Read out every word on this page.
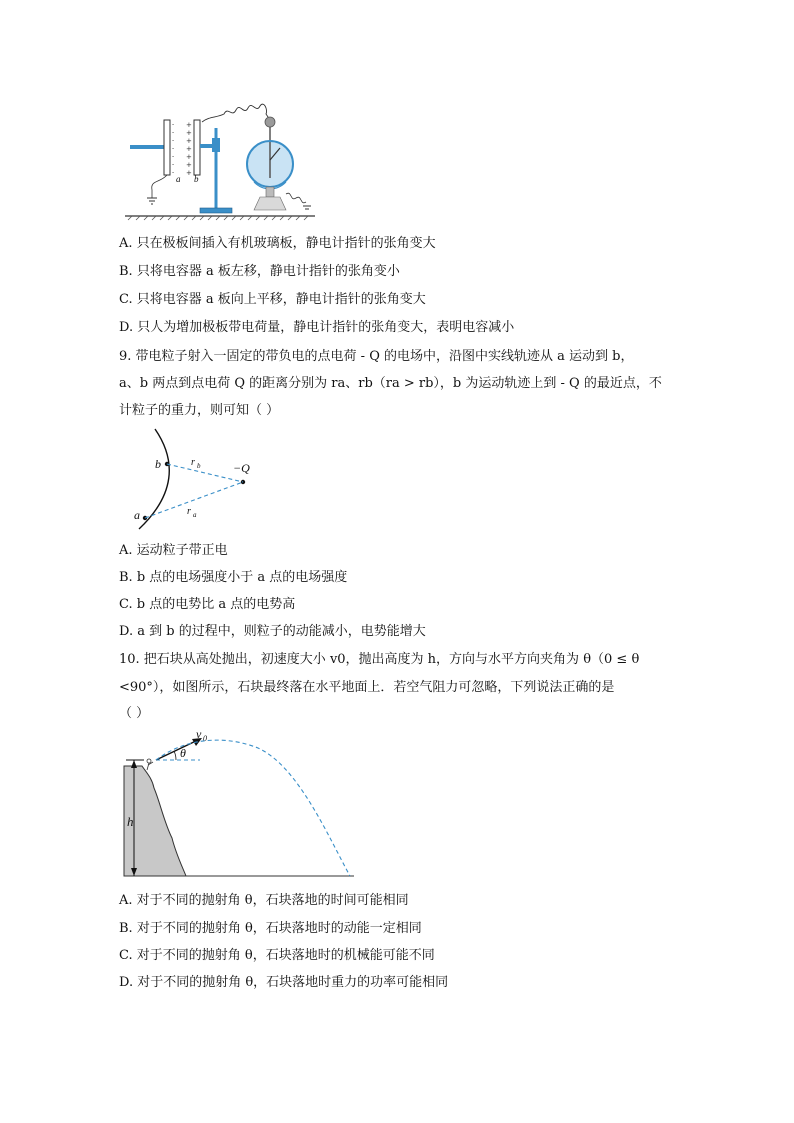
-
-
-
-
-
-
-
a
+
+
+
+
+
+
+
b
A. 只在极板间插入有机玻璃板，静电计指针的张角变大
B. 只将电容器 a 板左移，静电计指针的张角变小
C. 只将电容器 a 板向上平移，静电计指针的张角变大
D. 只人为增加极板带电荷量，静电计指针的张角变大，表明电容减小
9. 带电粒子射入一固定的带负电的点电荷 - Q 的电场中，沿图中实线轨迹从 a 运动到 b，
a、b 两点到点电荷 Q 的距离分别为 ra、rb（ra > rb），b 为运动轨迹上到 - Q 的最近点，不
计粒子的重力，则可知（ ）
b
a
r b
r a
−Q
A. 运动粒子带正电
B. b 点的电场强度小于 a 点的电场强度
C. b 点的电势比 a 点的电势高
D. a 到 b 的过程中，则粒子的动能减小，电势能增大
10. 把石块从高处抛出，初速度大小 v0，抛出高度为 h，方向与水平方向夹角为 θ（0 ≤ θ
<90°），如图所示，石块最终落在水平地面上．若空气阻力可忽略，下列说法正确的是
（ ）
h
v 0
θ
A. 对于不同的抛射角 θ，石块落地的时间可能相同
B. 对于不同的抛射角 θ，石块落地时的动能一定相同
C. 对于不同的抛射角 θ，石块落地时的机械能可能不同
D. 对于不同的抛射角 θ，石块落地时重力的功率可能相同
